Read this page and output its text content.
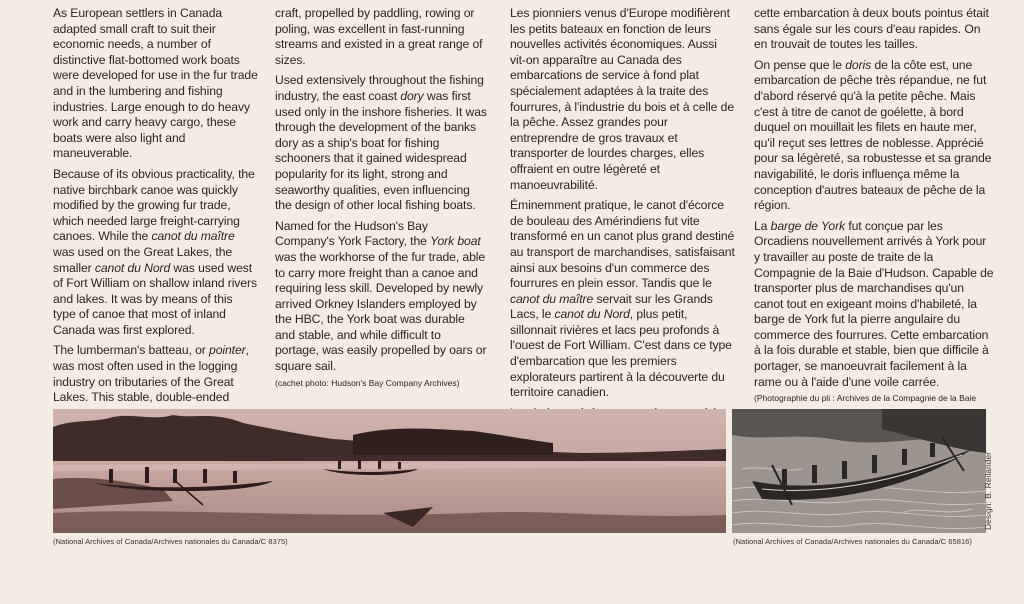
As European settlers in Canada adapted small craft to suit their economic needs, a number of distinctive flat-bottomed work boats were developed for use in the fur trade and in the lumbering and fishing industries. Large enough to do heavy work and carry heavy cargo, these boats were also light and maneuverable.

Because of its obvious practicality, the native birchbark canoe was quickly modified by the growing fur trade, which needed large freight-carrying canoes. While the canot du maître was used on the Great Lakes, the smaller canot du Nord was used west of Fort William on shallow inland rivers and lakes. It was by means of this type of canoe that most of inland Canada was first explored.

The lumberman's batteau, or pointer, was most often used in the logging industry on tributaries of the Great Lakes. This stable, double-ended

craft, propelled by paddling, rowing or poling, was excellent in fast-running streams and existed in a great range of sizes.

Used extensively throughout the fishing industry, the east coast dory was first used only in the inshore fisheries. It was through the development of the banks dory as a ship's boat for fishing schooners that it gained widespread popularity for its light, strong and seaworthy qualities, even influencing the design of other local fishing boats.

Named for the Hudson's Bay Company's York Factory, the York boat was the workhorse of the fur trade, able to carry more freight than a canoe and requiring less skill. Developed by newly arrived Orkney Islanders employed by the HBC, the York boat was durable and stable, and while difficult to portage, was easily propelled by oars or square sail.
(cachet photo: Hudson's Bay Company Archives)

Les pionniers venus d'Europe modifièrent les petits bateaux en fonction de leurs nouvelles activités économiques. Aussi vit-on apparaître au Canada des embarcations de service à fond plat spécialement adaptées à la traite des fourrures, à l'industrie du bois et à celle de la pêche. Assez grandes pour entreprendre de gros travaux et transporter de lourdes charges, elles offraient en outre légèreté et manoeuvrabilité.

Éminemment pratique, le canot d'écorce de bouleau des Amérindiens fut vite transformé en un canot plus grand destiné au transport de marchandises, satisfaisant ainsi aux besoins d'un commerce des fourrures en plein essor. Tandis que le canot du maître servait sur les Grands Lacs, le canot du Nord, plus petit, sillonnait rivières et lacs peu profonds à l'ouest de Fort William. C'est dans ce type d'embarcation que les premiers explorateurs partirent à la découverte du territoire canadien.

cette embarcation à deux bouts pointus était sans égale sur les cours d'eau rapides. On en trouvait de toutes les tailles.

On pense que le doris de la côte est, une embarcation de pêche très répandue, ne fut d'abord réservé qu'à la petite pêche. Mais c'est à titre de canot de goélette, à bord duquel on mouillait les filets en haute mer, qu'il reçut ses lettres de noblesse. Apprécié pour sa légèreté, sa robustesse et sa grande navigabilité, le doris influença même la conception d'autres bateaux de pêche de la région.

La barge de York fut conçue par les Orcadiens nouvellement arrivés à York pour y travailler au poste de traite de la Compagnie de la Baie d'Hudson. Capable de transporter plus de marchandises qu'un canot tout en exigeant moins d'habileté, la barge de York fut la pierre angulaire du commerce des fourrures. Cette embarcation à la fois durable et stable, bien que difficile à portager, se manoeuvrait facilement à la rame ou à l'aide d'une voile carrée. (Photographie du pli : Archives de la Compagnie de la Baie

(National Archives of Canada/Archives nationales du Canada/C 8375)	(National Archives of Canada/Archives nationales du Canada/C 65816)
Design: B. Reilander
